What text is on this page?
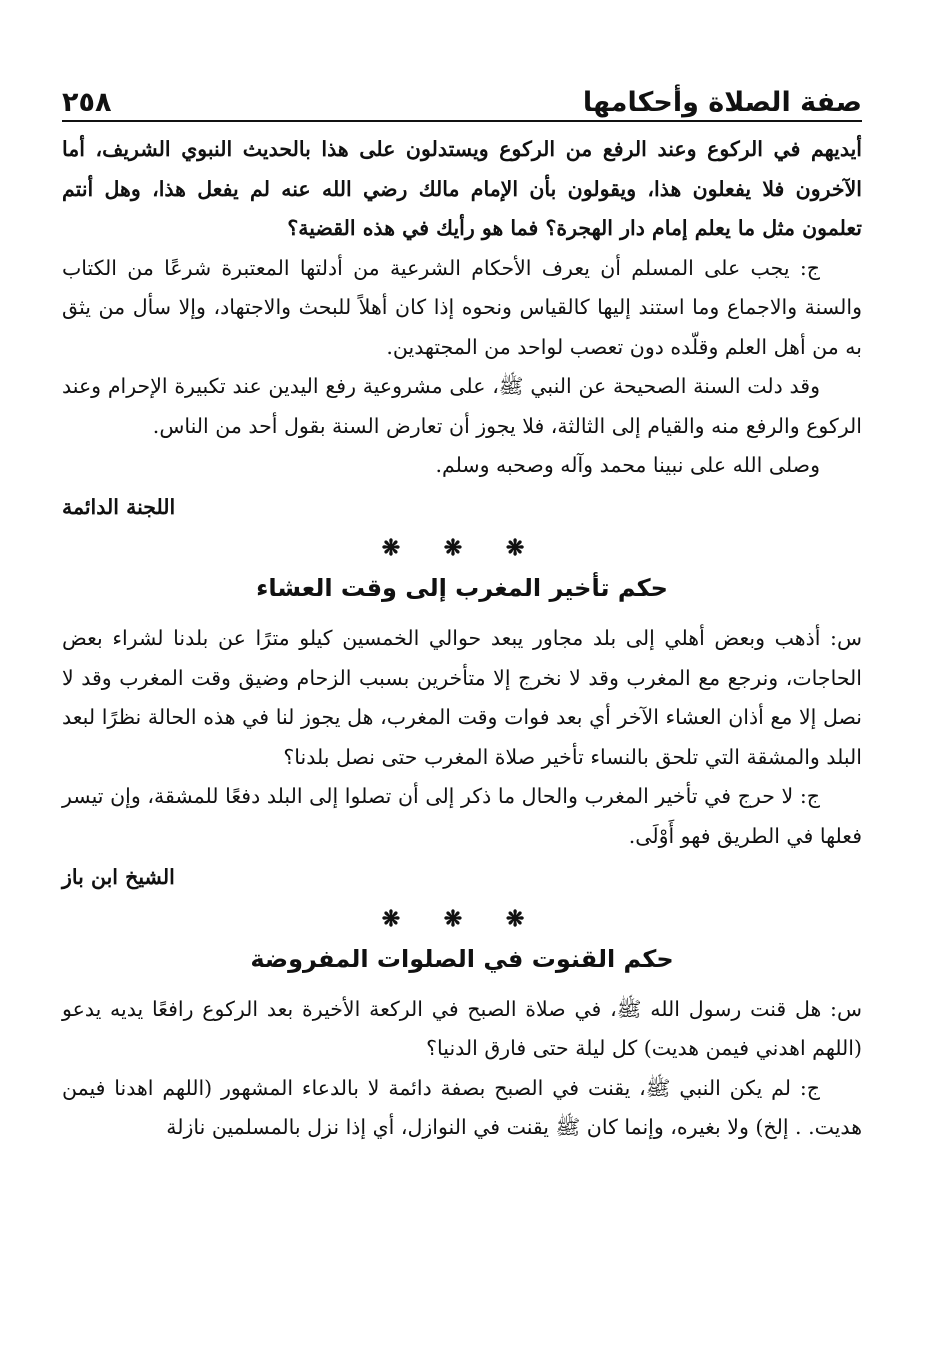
صفة الصلاة وأحكامها
٢٥٨

أيديهم في الركوع وعند الرفع من الركوع ويستدلون على هذا بالحديث النبوي الشريف، أما الآخرون فلا يفعلون هذا، ويقولون بأن الإمام مالك رضي الله عنه لم يفعل هذا، وهل أنتم تعلمون مثل ما يعلم إمام دار الهجرة؟ فما هو رأيك في هذه القضية؟

ج: يجب على المسلم أن يعرف الأحكام الشرعية من أدلتها المعتبرة شرعًا من الكتاب والسنة والاجماع وما استند إليها كالقياس ونحوه إذا كان أهلاً للبحث والاجتهاد، وإلا سأل من يثق به من أهل العلم وقلّده دون تعصب لواحد من المجتهدين.

وقد دلت السنة الصحيحة عن النبي ﷺ، على مشروعية رفع اليدين عند تكبيرة الإحرام وعند الركوع والرفع منه والقيام إلى الثالثة، فلا يجوز أن تعارض السنة بقول أحد من الناس.

وصلى الله على نبينا محمد وآله وصحبه وسلم.

اللجنة الدائمة

❋ ❋ ❋
حكم تأخير المغرب إلى وقت العشاء

س: أذهب وبعض أهلي إلى بلد مجاور يبعد حوالي الخمسين كيلو مترًا عن بلدنا لشراء بعض الحاجات، ونرجع مع المغرب وقد لا نخرج إلا متأخرين بسبب الزحام وضيق وقت المغرب وقد لا نصل إلا مع أذان العشاء الآخر أي بعد فوات وقت المغرب، هل يجوز لنا في هذه الحالة نظرًا لبعد البلد والمشقة التي تلحق بالنساء تأخير صلاة المغرب حتى نصل بلدنا؟

ج: لا حرج في تأخير المغرب والحال ما ذكر إلى أن تصلوا إلى البلد دفعًا للمشقة، وإن تيسر فعلها في الطريق فهو أَوْلَى.

الشيخ ابن باز

❋ ❋ ❋
حكم القنوت في الصلوات المفروضة

س: هل قنت رسول الله ﷺ، في صلاة الصبح في الركعة الأخيرة بعد الركوع رافعًا يديه يدعو (اللهم اهدني فيمن هديت) كل ليلة حتى فارق الدنيا؟

ج: لم يكن النبي ﷺ، يقنت في الصبح بصفة دائمة لا بالدعاء المشهور (اللهم اهدنا فيمن هديت. . إلخ) ولا بغيره، وإنما كان ﷺ يقنت في النوازل، أي إذا نزل بالمسلمين نازلة
